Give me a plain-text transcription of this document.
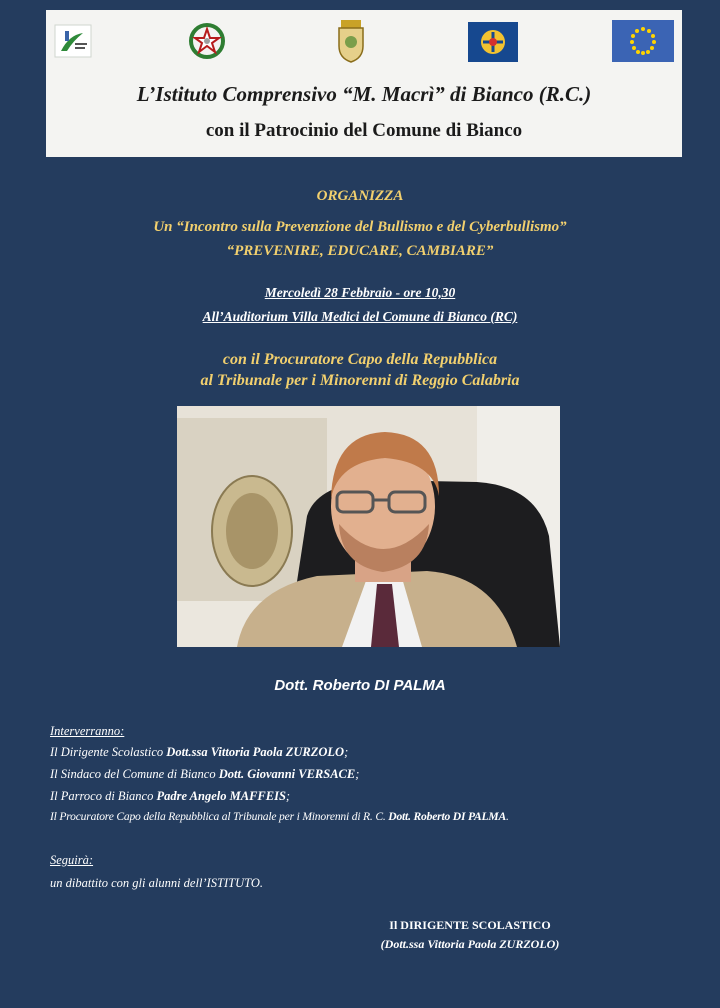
L’Istituto Comprensivo “M. Macrì” di Bianco (R.C.)
con il Patrocinio del Comune di Bianco
ORGANIZZA
Un “Incontro sulla Prevenzione del Bullismo e del Cyberbullismo”
“PREVENIRE, EDUCARE, CAMBIARE”
Mercoledì 28 Febbraio - ore 10,30
All’Auditorium Villa Medici del Comune di Bianco (RC)
con il Procuratore Capo della Repubblica
al Tribunale per i Minorenni di Reggio Calabria
Dott. Roberto DI PALMA
Interverranno:
Il Dirigente Scolastico Dott.ssa Vittoria Paola ZURZOLO;
Il Sindaco del Comune di Bianco Dott. Giovanni VERSACE;
Il Parroco di Bianco Padre Angelo MAFFEIS;
Il Procuratore Capo della Repubblica al Tribunale per i Minorenni di R. C. Dott. Roberto DI PALMA.
Seguirà:
un dibattito con gli alunni dell’ISTITUTO.
Il DIRIGENTE SCOLASTICO
(Dott.ssa Vittoria Paola ZURZOLO)
